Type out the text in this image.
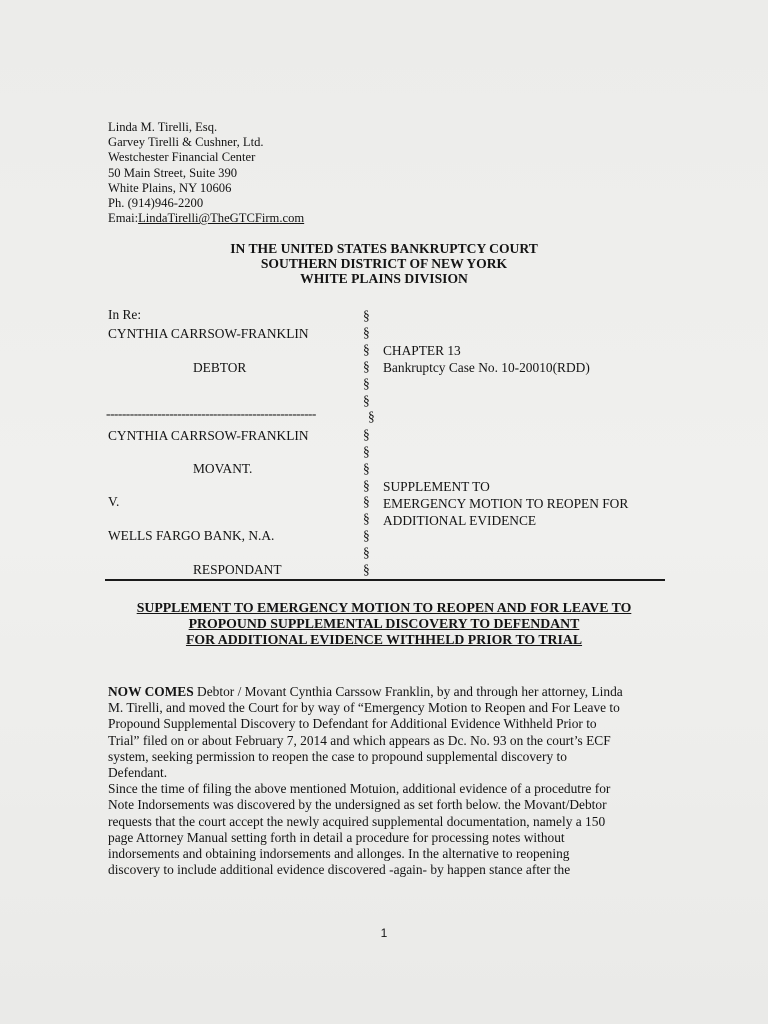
Linda M. Tirelli, Esq.
Garvey Tirelli & Cushner, Ltd.
Westchester Financial Center
50 Main Street, Suite 390
White Plains, NY 10606
Ph. (914)946-2200
Emai:LindaTirelli@TheGTCFirm.com
IN THE UNITED STATES BANKRUPTCY COURT
SOUTHERN DISTRICT OF NEW YORK
WHITE PLAINS DIVISION
In Re:
CYNTHIA CARRSOW-FRANKLIN
DEBTOR
-----------------------------------------------------
CYNTHIA CARRSOW-FRANKLIN
MOVANT.
V.
WELLS FARGO BANK, N.A.
RESPONDANT
§
§
§
§
§
§
§
§
§
§
§
§
§
§
§
§
CHAPTER 13
Bankruptcy Case No. 10-20010(RDD)
SUPPLEMENT TO
EMERGENCY MOTION TO REOPEN FOR
ADDITIONAL EVIDENCE
SUPPLEMENT TO EMERGENCY MOTION TO REOPEN AND FOR LEAVE TO
PROPOUND SUPPLEMENTAL DISCOVERY TO DEFENDANT
FOR ADDITIONAL EVIDENCE WITHHELD PRIOR TO TRIAL
NOW COMES Debtor / Movant Cynthia Carssow Franklin, by and through her attorney, Linda
M. Tirelli, and moved the Court for by way of “Emergency Motion to Reopen and For Leave to
Propound Supplemental Discovery to Defendant for Additional Evidence Withheld Prior to
Trial” filed on or about February 7, 2014 and which appears as Dc. No. 93 on the court’s ECF
system, seeking permission to reopen the case to propound supplemental discovery to
Defendant.
Since the time of filing the above mentioned Motuion, additional evidence of a procedutre for
Note Indorsements was discovered by the undersigned as set forth below. the Movant/Debtor
requests that the court accept the newly acquired supplemental documentation, namely a 150
page Attorney Manual setting forth in detail a procedure for processing notes without
indorsements and obtaining indorsements and allonges. In the alternative to reopening
discovery to include additional evidence discovered -again- by happen stance after the
1
